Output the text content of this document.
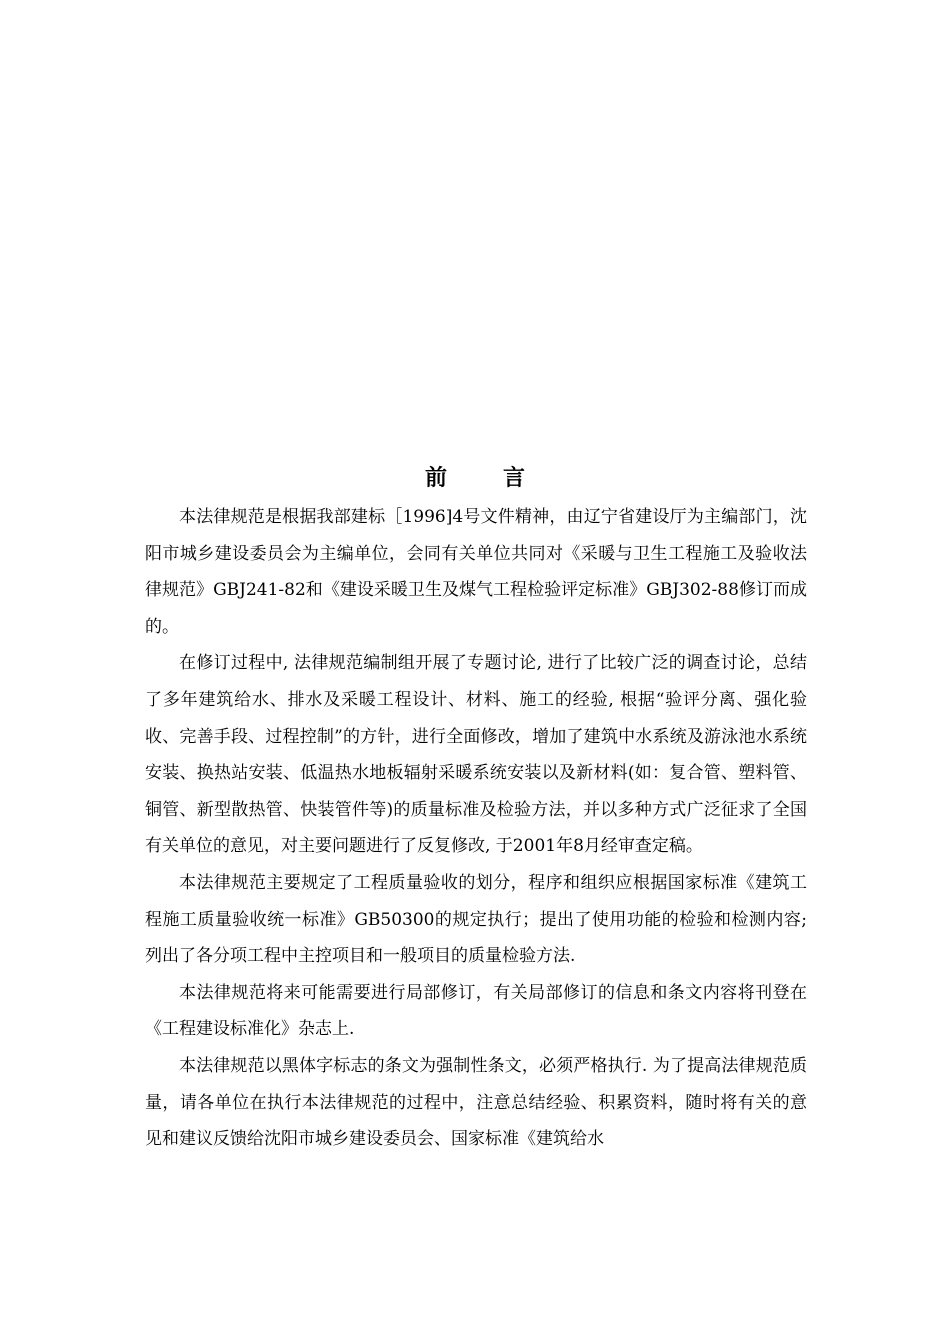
前言

本法律规范是根据我部建标［1996]4号文件精神，由辽宁省建设厅为主编部门，沈阳市城乡建设委员会为主编单位，会同有关单位共同对《采暖与卫生工程施工及验收法律规范》GBJ241-82和《建设采暖卫生及煤气工程检验评定标准》GBJ302-88修订而成的。

在修订过程中, 法律规范编制组开展了专题讨论, 进行了比较广泛的调查讨论，总结了多年建筑给水、排水及采暖工程设计、材料、施工的经验, 根据“验评分离、强化验收、完善手段、过程控制”的方针，进行全面修改，增加了建筑中水系统及游泳池水系统安装、换热站安装、低温热水地板辐射采暖系统安装以及新材料(如：复合管、塑料管、铜管、新型散热管、快装管件等)的质量标准及检验方法，并以多种方式广泛征求了全国有关单位的意见，对主要问题进行了反复修改, 于2001年8月经审查定稿。

本法律规范主要规定了工程质量验收的划分，程序和组织应根据国家标准《建筑工程施工质量验收统一标准》GB50300的规定执行；提出了使用功能的检验和检测内容; 列出了各分项工程中主控项目和一般项目的质量检验方法.

本法律规范将来可能需要进行局部修订，有关局部修订的信息和条文内容将刊登在《工程建设标准化》杂志上.

本法律规范以黑体字标志的条文为强制性条文，必须严格执行. 为了提高法律规范质量，请各单位在执行本法律规范的过程中，注意总结经验、积累资料，随时将有关的意见和建议反馈给沈阳市城乡建设委员会、国家标准《建筑给水
